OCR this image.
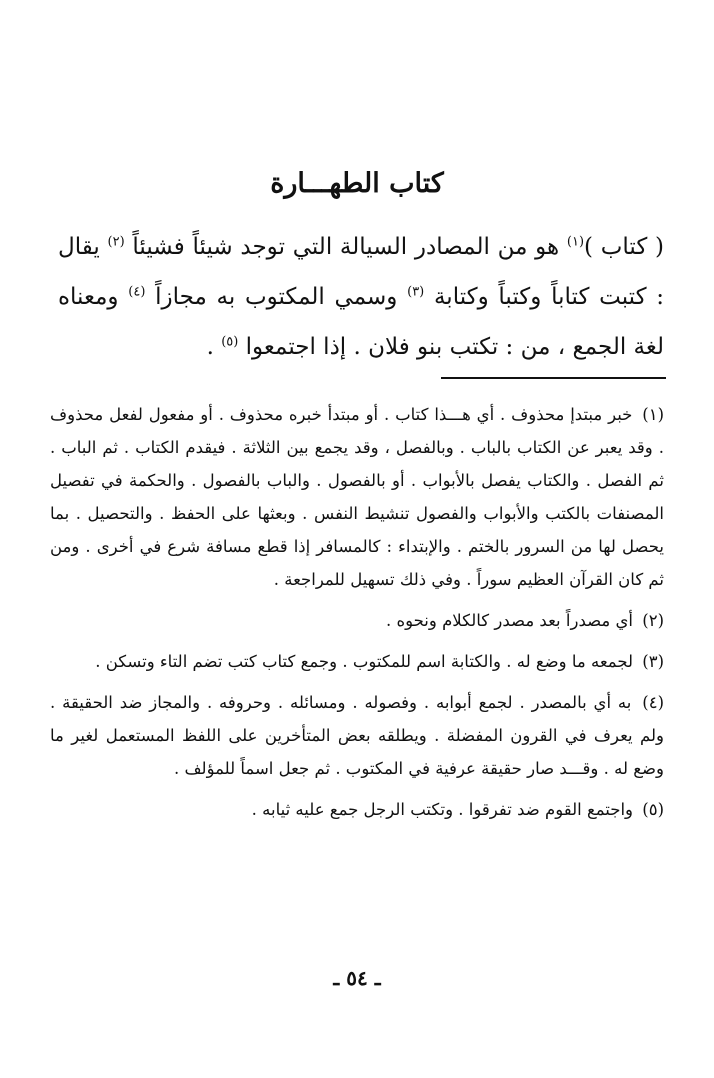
كتاب الطهـــارة

( كتاب )$^{(١)}$ هو من المصادر السيالة التي توجد شيئاً فشيئاً $^{(٢)}$ يقال : كتبت كتاباً وكتباً وكتابة $^{(٣)}$ وسمي المكتوب به مجازاً $^{(٤)}$ ومعناه لغة الجمع ، من : تكتب بنو فلان . إذا اجتمعوا $^{(٥)}$ .

(١) خبر مبتدإ محذوف . أي هـــذا كتاب . أو مبتدأ خبره محذوف . أو مفعول لفعل محذوف . وقد يعبر عن الكتاب بالباب . وبالفصل ، وقد يجمع بين الثلاثة . فيقدم الكتاب . ثم الباب . ثم الفصل . والكتاب يفصل بالأبواب . أو بالفصول . والباب بالفصول . والحكمة في تفصيل المصنفات بالكتب والأبواب والفصول تنشيط النفس . وبعثها على الحفظ . والتحصيل . بما يحصل لها من السرور بالختم . والإبتداء : كالمسافر إذا قطع مسافة شرع في أخرى . ومن ثم كان القرآن العظيم سوراً . وفي ذلك تسهيل للمراجعة .

(٢) أي مصدراً بعد مصدر كالكلام ونحوه .

(٣) لجمعه ما وضع له . والكتابة اسم للمكتوب . وجمع كتاب كتب تضم التاء وتسكن .

(٤) به أي بالمصدر . لجمع أبوابه . وفصوله . ومسائله . وحروفه . والمجاز ضد الحقيقة . ولم يعرف في القرون المفضلة . ويطلقه بعض المتأخرين على اللفظ المستعمل لغير ما وضع له . وقـــد صار حقيقة عرفية في المكتوب . ثم جعل اسماً للمؤلف .

(٥) واجتمع القوم ضد تفرقوا . وتكتب الرجل جمع عليه ثيابه .

ـ ٥٤ ـ
